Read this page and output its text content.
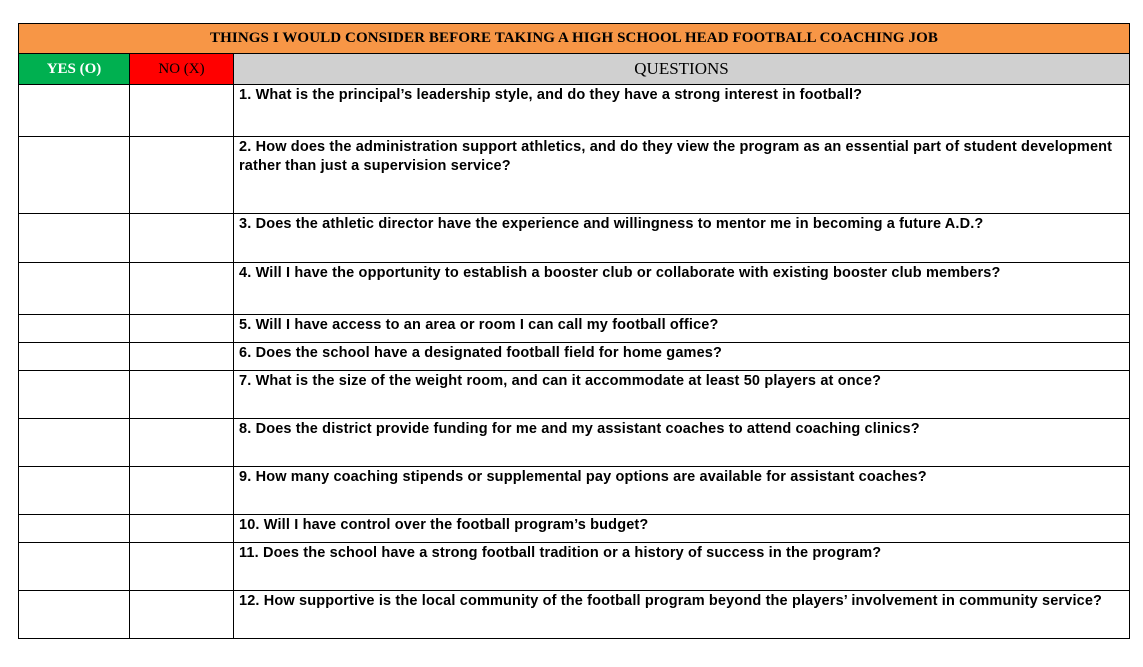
THINGS I WOULD CONSIDER BEFORE TAKING A HIGH SCHOOL HEAD FOOTBALL COACHING JOB		
YES (O)	NO (X)	QUESTIONS
		1. What is the principal’s leadership style, and do they have a strong interest in football?
		2. How does the administration support athletics, and do they view the program as an essential part of student development rather than just a supervision service?
		3. Does the athletic director have the experience and willingness to mentor me in becoming a future A.D.?
		4. Will I have the opportunity to establish a booster club or collaborate with existing booster club members?
		5. Will I have access to an area or room I can call my football office?
		6. Does the school have a designated football field for home games?
		7. What is the size of the weight room, and can it accommodate at least 50 players at once?
		8. Does the district provide funding for me and my assistant coaches to attend coaching clinics?
		9. How many coaching stipends or supplemental pay options are available for assistant coaches?
		10. Will I have control over the football program’s budget?
		11. Does the school have a strong football tradition or a history of success in the program?
		12. How supportive is the local community of the football program beyond the players’ involvement in community service?
